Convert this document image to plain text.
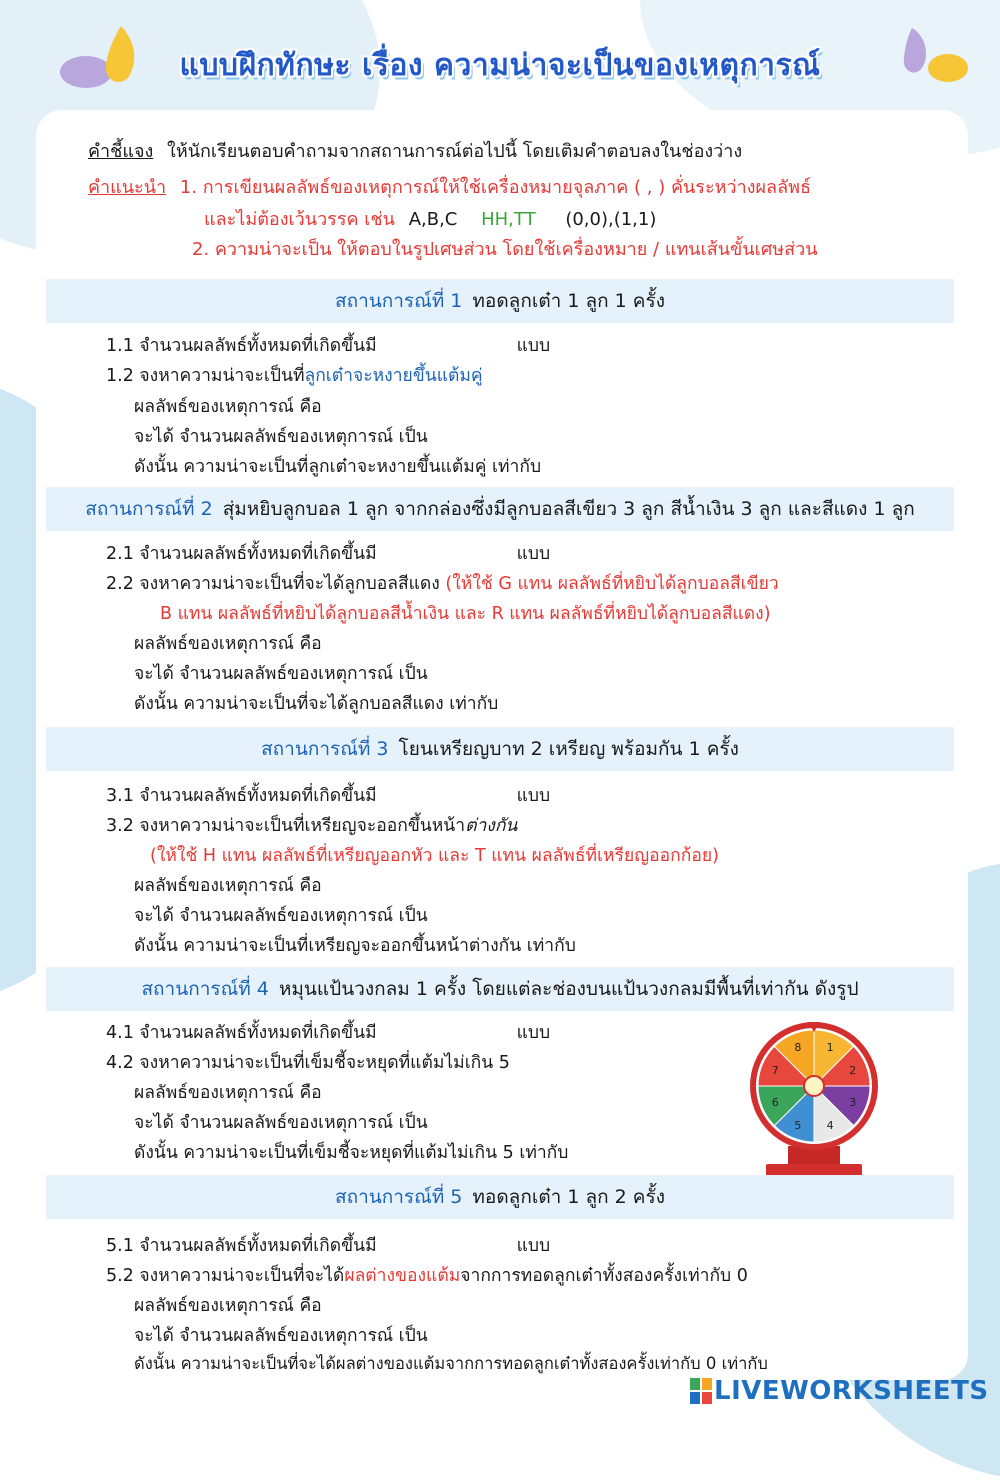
แบบฝึกทักษะ เรื่อง ความน่าจะเป็นของเหตุการณ์
คำชี้แจง ให้นักเรียนตอบคำถามจากสถานการณ์ต่อไปนี้ โดยเติมคำตอบลงในช่องว่าง
คำแนะนำ 1. การเขียนผลลัพธ์ของเหตุการณ์ให้ใช้เครื่องหมายจุลภาค ( , ) คั่นระหว่างผลลัพธ์
และไม่ต้องเว้นวรรค เช่น A,B,C HH,TT (0,0),(1,1)
2. ความน่าจะเป็น ให้ตอบในรูปเศษส่วน โดยใช้เครื่องหมาย / แทนเส้นขั้นเศษส่วน
สถานการณ์ที่ 1 ทอดลูกเต๋า 1 ลูก 1 ครั้ง
1.1 จำนวนผลลัพธ์ทั้งหมดที่เกิดขึ้นมี	แบบ
1.2 จงหาความน่าจะเป็นที่ลูกเต๋าจะหงายขึ้นแต้มคู่
ผลลัพธ์ของเหตุการณ์ คือ
จะได้ จำนวนผลลัพธ์ของเหตุการณ์ เป็น
ดังนั้น ความน่าจะเป็นที่ลูกเต๋าจะหงายขึ้นแต้มคู่ เท่ากับ
สถานการณ์ที่ 2 สุ่มหยิบลูกบอล 1 ลูก จากกล่องซึ่งมีลูกบอลสีเขียว 3 ลูก สีน้ำเงิน 3 ลูก และสีแดง 1 ลูก
2.1 จำนวนผลลัพธ์ทั้งหมดที่เกิดขึ้นมี	แบบ
2.2 จงหาความน่าจะเป็นที่จะได้ลูกบอลสีแดง (ให้ใช้ G แทน ผลลัพธ์ที่หยิบได้ลูกบอลสีเขียว
B แทน ผลลัพธ์ที่หยิบได้ลูกบอลสีน้ำเงิน และ R แทน ผลลัพธ์ที่หยิบได้ลูกบอลสีแดง)
ผลลัพธ์ของเหตุการณ์ คือ
จะได้ จำนวนผลลัพธ์ของเหตุการณ์ เป็น
ดังนั้น ความน่าจะเป็นที่จะได้ลูกบอลสีแดง เท่ากับ
สถานการณ์ที่ 3 โยนเหรียญบาท 2 เหรียญ พร้อมกัน 1 ครั้ง
3.1 จำนวนผลลัพธ์ทั้งหมดที่เกิดขึ้นมี	แบบ
3.2 จงหาความน่าจะเป็นที่เหรียญจะออกขึ้นหน้าต่างกัน
(ให้ใช้ H แทน ผลลัพธ์ที่เหรียญออกหัว และ T แทน ผลลัพธ์ที่เหรียญออกก้อย)
ผลลัพธ์ของเหตุการณ์ คือ
จะได้ จำนวนผลลัพธ์ของเหตุการณ์ เป็น
ดังนั้น ความน่าจะเป็นที่เหรียญจะออกขึ้นหน้าต่างกัน เท่ากับ
สถานการณ์ที่ 4 หมุนแป้นวงกลม 1 ครั้ง โดยแต่ละช่องบนแป้นวงกลมมีพื้นที่เท่ากัน ดังรูป
4.1 จำนวนผลลัพธ์ทั้งหมดที่เกิดขึ้นมี	แบบ
4.2 จงหาความน่าจะเป็นที่เข็มชี้จะหยุดที่แต้มไม่เกิน 5
ผลลัพธ์ของเหตุการณ์ คือ
จะได้ จำนวนผลลัพธ์ของเหตุการณ์ เป็น
ดังนั้น ความน่าจะเป็นที่เข็มชี้จะหยุดที่แต้มไม่เกิน 5 เท่ากับ
1
2
3
4
5
6
7
8
สถานการณ์ที่ 5 ทอดลูกเต๋า 1 ลูก 2 ครั้ง
5.1 จำนวนผลลัพธ์ทั้งหมดที่เกิดขึ้นมี	แบบ
5.2 จงหาความน่าจะเป็นที่จะได้ผลต่างของแต้มจากการทอดลูกเต๋าทั้งสองครั้งเท่ากับ 0
ผลลัพธ์ของเหตุการณ์ คือ
จะได้ จำนวนผลลัพธ์ของเหตุการณ์ เป็น
ดังนั้น ความน่าจะเป็นที่จะได้ผลต่างของแต้มจากการทอดลูกเต๋าทั้งสองครั้งเท่ากับ 0 เท่ากับ
LIVEWORKSHEETS
